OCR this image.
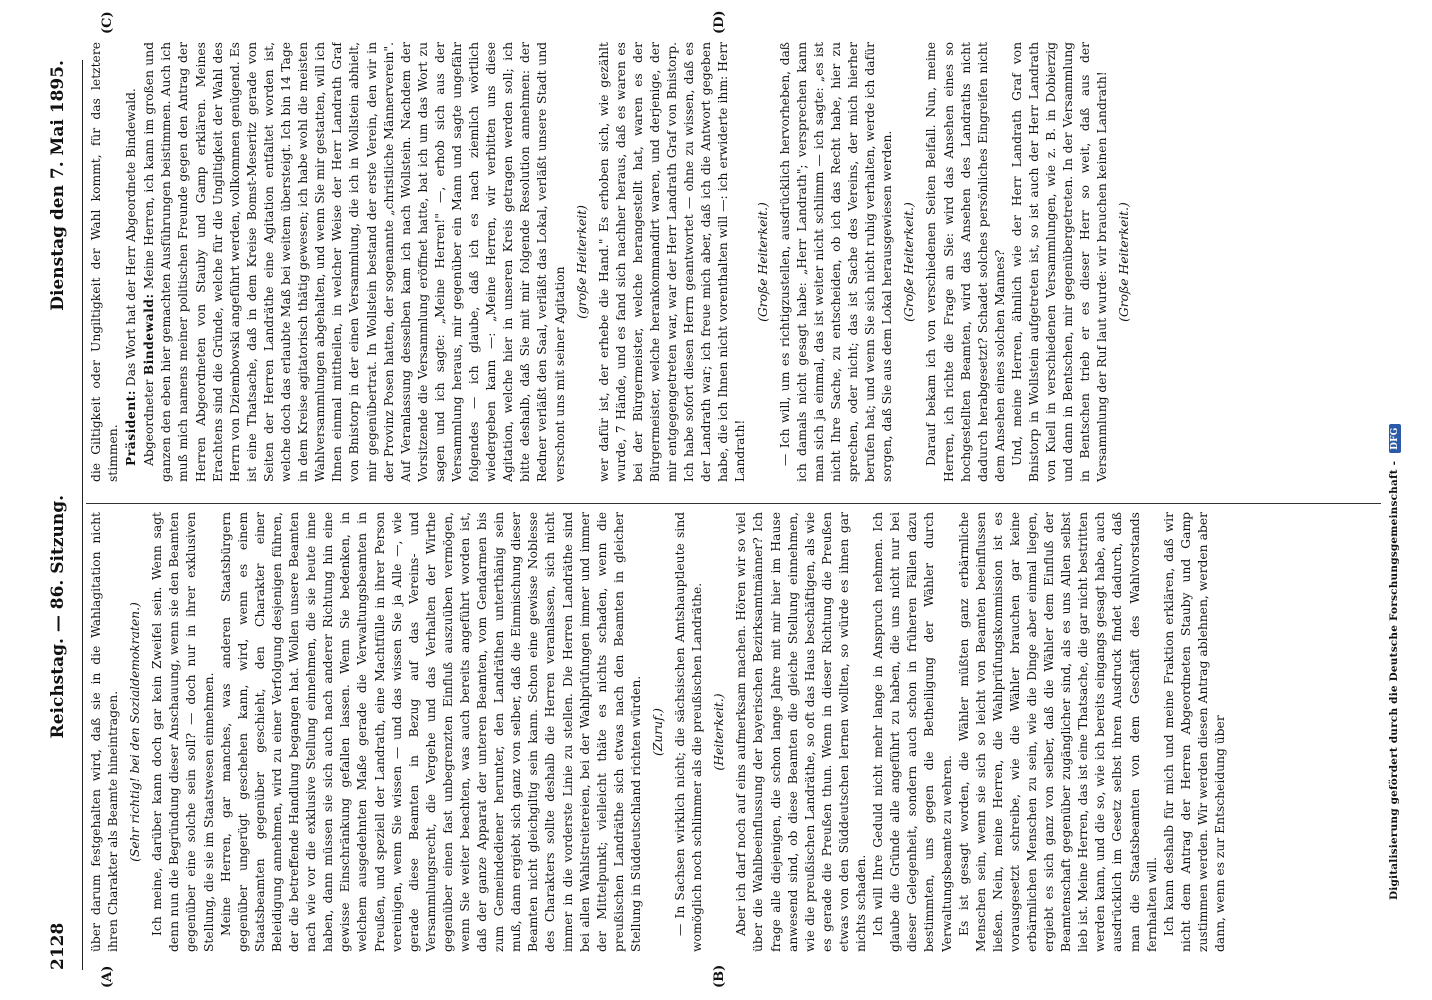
2128
Reichstag. — 86. Sitzung.
Dienstag den 7. Mai 1895.
(A)	(B)
(C)	(D)

über darum festgehalten wird, daß sie in die Wahlagitation nicht ihren Charakter als Beamte hineintragen. (Sehr richtig! bei den Sozialdemokraten.) Ich meine, darüber kann doch gar kein Zweifel sein. Wenn sagt denn nun die Begründung dieser Anschauung, wenn sie den Beamten gegenüber eine solche sein soll? — doch nur in ihrer exklusiven Stellung, die sie im Staatswesen einnehmen. Meine Herren, gar manches, was anderen Staatsbürgern gegenüber ungerügt geschehen kann, wird, wenn es einem Staatsbeamten gegenüber geschieht, den Charakter einer Beleidigung annehmen, wird zu einer Verfolgung desjenigen führen, der die betreffende Handlung begangen hat. Wollen unsere Beamten nach wie vor die exklusive Stellung einnehmen, die sie heute inne haben, dann müssen sie sich auch nach anderer Richtung hin eine gewisse Einschränkung gefallen lassen. Wenn Sie bedenken, in welchem ausgedehnten Maße gerade die Verwaltungsbeamten in Preußen, und speziell der Landrath, eine Machtfülle in ihrer Person vereinigen, wenn Sie wissen — und das wissen Sie ja Alle —, wie gerade diese Beamten in Bezug auf das Vereins- und Versammlungsrecht, die Vergehe und das Verhalten der Wirthe gegenüber einen fast unbegrenzten Einfluß auszuüben vermögen, wenn Sie weiter beachten, was auch bereits angeführt worden ist, daß der ganze Apparat der unteren Beamten, vom Gendarmen bis zum Gemeindediener herunter, den Landräthen unterthänig sein muß, dann ergiebt sich ganz von selber, daß die Einmischung dieser Beamten nicht gleichgiltig sein kann. Schon eine gewisse Noblesse des Charakters sollte deshalb die Herren veranlassen, sich nicht immer in die vorderste Linie zu stellen. Die Herren Landräthe sind bei allen Wahlstreitereien, bei der Wahlprüfungen immer und immer der Mittelpunkt; vielleicht thäte es nichts schaden, wenn die preußischen Landräthe sich etwas nach den Beamten in gleicher Stellung in Süddeutschland richten würden. (Zuruf.) — In Sachsen wirklich nicht; die sächsischen Amtshauptleute sind womöglich noch schlimmer als die preußischen Landräthe. (Heiterkeit.) Aber ich darf noch auf eins aufmerksam machen. Hören wir so viel über die Wahlbeeinflussung der bayerischen Bezirksamtmänner? Ich frage alle diejenigen, die schon lange Jahre mit mir hier im Hause anwesend sind, ob diese Beamten die gleiche Stellung einnehmen, wie die preußischen Landräthe, so oft das Haus beschäftigen, als wie es gerade die Preußen thun. Wenn in dieser Richtung die Preußen etwas von den Süddeutschen lernen wollten, so würde es ihnen gar nichts schaden. Ich will Ihre Geduld nicht mehr lange in Anspruch nehmen. Ich glaube die Gründe alle angeführt zu haben, die uns nicht nur bei dieser Gelegenheit, sondern auch schon in früheren Fällen dazu bestimmten, uns gegen die Betheiligung der Wähler durch Verwaltungsbeamte zu wehren. Es ist gesagt worden, die Wähler müßten ganz erbärmliche Menschen sein, wenn sie sich so leicht von Beamten beeinflussen ließen. Nein, meine Herren, die Wahlprüfungskommission ist es vorausgesetzt schreibe, wie die Wähler brauchen gar keine erbärmlichen Menschen zu sein, wie die Dinge aber einmal liegen, ergiebt es sich ganz von selber, daß die Wähler dem Einfluß der Beamtenschaft gegenüber zugänglicher sind, als es uns Allen selbst lieb ist. Meine Herren, das ist eine Thatsache, die gar nicht bestritten werden kann, und die so, wie ich bereits eingangs gesagt habe, auch ausdrücklich im Gesetz selbst ihren Ausdruck findet dadurch, daß man die Staatsbeamten von dem Geschäft des Wahlvorstands fernhalten will. Ich kann deshalb für mich und meine Fraktion erklären, daß wir nicht dem Antrag der Herren Abgeordneten Stauby und Gamp zustimmen werden. Wir werden diesen Antrag ablehnen, werden aber dann, wenn es zur Entscheidung über

die Giltigkeit oder Ungiltigkeit der Wahl kommt, für das letztere stimmen. Präsident: Das Wort hat der Herr Abgeordnete Bindewald.

Abgeordneter Bindewald: Meine Herren, ich kann im großen und ganzen den eben hier gemachten Ausführungen beistimmen. Auch ich muß mich namens meiner politischen Freunde gegen den Antrag der Herren Abgeordneten von Stauby und Gamp erklären. Meines Erachtens sind die Gründe, welche für die Ungiltigkeit der Wahl des Herrn von Dziembowski angeführt werden, vollkommen genügend. Es ist eine Thatsache, daß in dem Kreise Bomst-Meseritz gerade von Seiten der Herren Landräthe eine Agitation entfaltet worden ist, welche doch das erlaubte Maß bei weitem übersteigt. Ich bin 14 Tage in dem Kreise agitatorisch thätig gewesen; ich habe wohl die meisten Wahlversammlungen abgehalten, und wenn Sie mir gestatten, will ich Ihnen einmal mittheilen, in welcher Weise der Herr Landrath Graf von Bnistorp in der einen Versammlung, die ich in Wollstein abhielt, mir gegenübertrat. In Wollstein bestand der erste Verein, den wir in der Provinz Posen hatten, der sogenannte „christliche Männerverein". Auf Veranlassung desselben kam ich nach Wollstein. Nachdem der Vorsitzende die Versammlung eröffnet hatte, bat ich um das Wort zu sagen und ich sagte: „Meine Herren!" —, erhob sich aus der Versammlung heraus, mir gegenüber ein Mann und sagte ungefähr folgendes — ich glaube, daß ich es nach ziemlich wörtlich wiedergeben kann —: „Meine Herren, wir verbitten uns diese Agitation, welche hier in unseren Kreis getragen werden soll; ich bitte deshalb, daß Sie mit mir folgende Resolution annehmen: der Redner verläßt den Saal, verläßt das Lokal, verläßt unsere Stadt und verschont uns mit seiner Agitation

(große Heiterkeit) wer dafür ist, der erhebe die Hand." Es erhoben sich, wie gezählt wurde, 7 Hände, und es fand sich nachher heraus, daß es waren es bei der Bürgermeister, welche herangestellt hat, waren es der Bürgermeister, welche herankommandirt waren, und derjenige, der mir entgegengetreten war, war der Herr Landrath Graf von Bnistorp. Ich habe sofort diesen Herrn geantwortet — ohne zu wissen, daß es der Landrath war; ich freue mich aber, daß ich die Antwort gegeben habe, die ich Ihnen nicht vorenthalten will —: ich erwiderte ihm: Herr Landrath!

(Große Heiterkeit.) — Ich will, um es richtigzustellen, ausdrücklich hervorheben, daß ich damals nicht gesagt habe: „Herr Landrath"; versprechen kann man sich ja einmal, das ist weiter nicht schlimm — ich sagte: „es ist nicht Ihre Sache, zu entscheiden, ob ich das Recht habe, hier zu sprechen, oder nicht; das ist Sache des Vereins, der mich hierher berufen hat; und wenn Sie sich nicht ruhig verhalten, werde ich dafür sorgen, daß Sie aus dem Lokal herausgewiesen werden. (Große Heiterkeit.) Darauf bekam ich von verschiedenen Seiten Beifall. Nun, meine Herren, ich richte die Frage an Sie: wird das Ansehen eines so hochgestellten Beamten, wird das Ansehen des Landraths nicht dadurch herabgesetzt? Schadet solches persönliches Eingreifen nicht dem Ansehen eines solchen Mannes? Und, meine Herren, ähnlich wie der Herr Landrath Graf von Bnistorp in Wollstein aufgetreten ist, so ist auch der Herr Landrath von Kuell in verschiedenen Versammlungen, wie z. B. in Dobierzig und dann in Bentschen, mir gegenübergetreten. In der Versammlung in Bentschen trieb er es dieser Herr so weit, daß aus der Versammlung der Ruf laut wurde: wir brauchen keinen Landrath! (Große Heiterkeit.)

Digitalisierung gefördert durch die Deutsche Forschungsgemeinschaft - DFG
